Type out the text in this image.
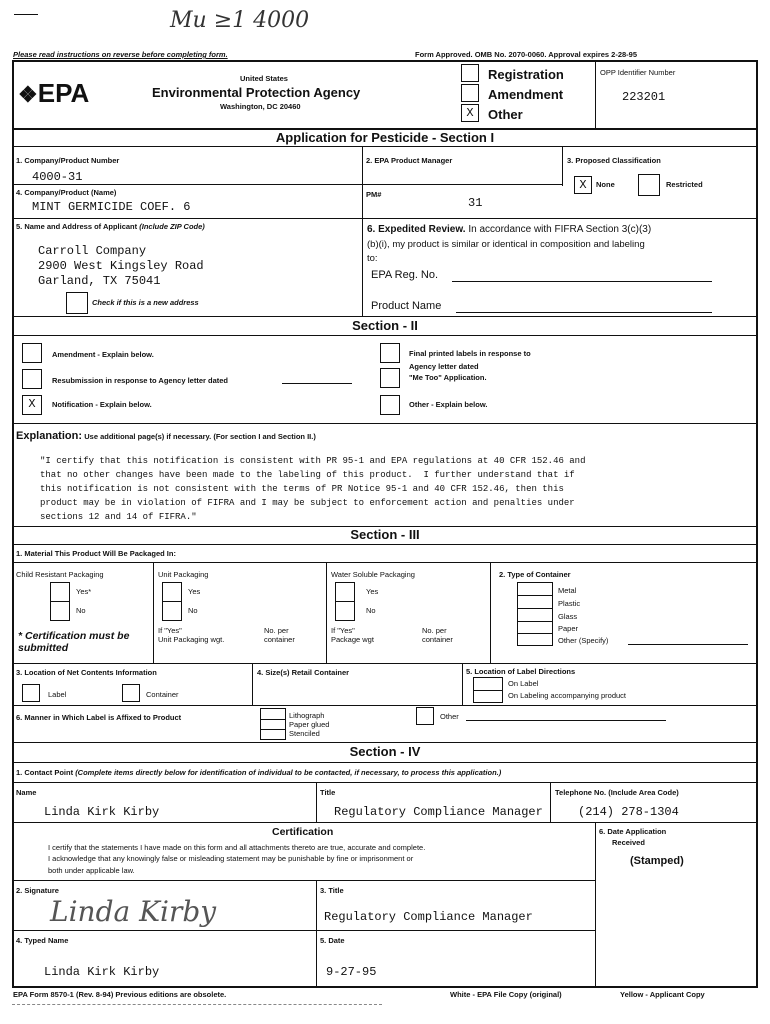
Mu ≥1 4000
Please read instructions on reverse before completing form.	Form Approved. OMB No. 2070-0060. Approval expires 2-28-95
❖EPA	United States
Environmental Protection Agency
Washington, DC 20460
Registration
Amendment
X	Other
OPP Identifier Number
223201
Application for Pesticide - Section I
1. Company/Product Number
4000-31
2. EPA Product Manager	3. Proposed Classification
X	None	Restricted
4. Company/Product (Name)
MINT GERMICIDE COEF. 6
PM#
31
5. Name and Address of Applicant (Include ZIP Code)
Carroll Company
2900 West Kingsley Road
Garland, TX 75041
Check if this is a new address
6. Expedited Review. In accordance with FIFRA Section 3(c)(3)
(b)(i), my product is similar or identical in composition and labeling
to:
EPA Reg. No.
Product Name
Section - II
Amendment - Explain below.
Resubmission in response to Agency letter dated
X	Notification - Explain below.
Final printed labels in response to
Agency letter dated
"Me Too" Application.
Other - Explain below.
Explanation: Use additional page(s) if necessary. (For section I and Section II.)
"I certify that this notification is consistent with PR 95-1 and EPA regulations at 40 CFR 152.46 and
that no other changes have been made to the labeling of this product.  I further understand that if
this notification is not consistent with the terms of PR Notice 95-1 and 40 CFR 152.46, then this
product may be in violation of FIFRA and I may be subject to enforcement action and penalties under
sections 12 and 14 of FIFRA."
Section - III
1. Material This Product Will Be Packaged In:
Child Resistant Packaging
Yes*
No
* Certification must be submitted
Unit Packaging
Yes
No
If "Yes"
Unit Packaging wgt.
No. per
container
Water Soluble Packaging
Yes
No
If "Yes"
Package wgt
No. per
container
2. Type of Container
Metal
Plastic
Glass
Paper
Other (Specify)
3. Location of Net Contents Information
Label	Container
4. Size(s) Retail Container	5. Location of Label Directions
On Label
On Labeling accompanying product
6. Manner in Which Label is Affixed to Product	Lithograph
Paper glued
Stenciled
Other
Section - IV
1. Contact Point (Complete items directly below for identification of individual to be contacted, if necessary, to process this application.)
Name
Linda Kirk Kirby
Title
Regulatory Compliance Manager
Telephone No. (Include Area Code)
(214) 278-1304
Certification
I certify that the statements I have made on this form and all attachments thereto are true, accurate and complete.
I acknowledge that any knowingly false or misleading statement may be punishable by fine or imprisonment or
both under applicable law.
6. Date Application
Received
(Stamped)
2. Signature
Linda Kirby
3. Title
Regulatory Compliance Manager
4. Typed Name
Linda Kirk Kirby
5. Date
9-27-95
EPA Form 8570-1 (Rev. 8-94) Previous editions are obsolete.	White - EPA File Copy (original)	Yellow - Applicant Copy
